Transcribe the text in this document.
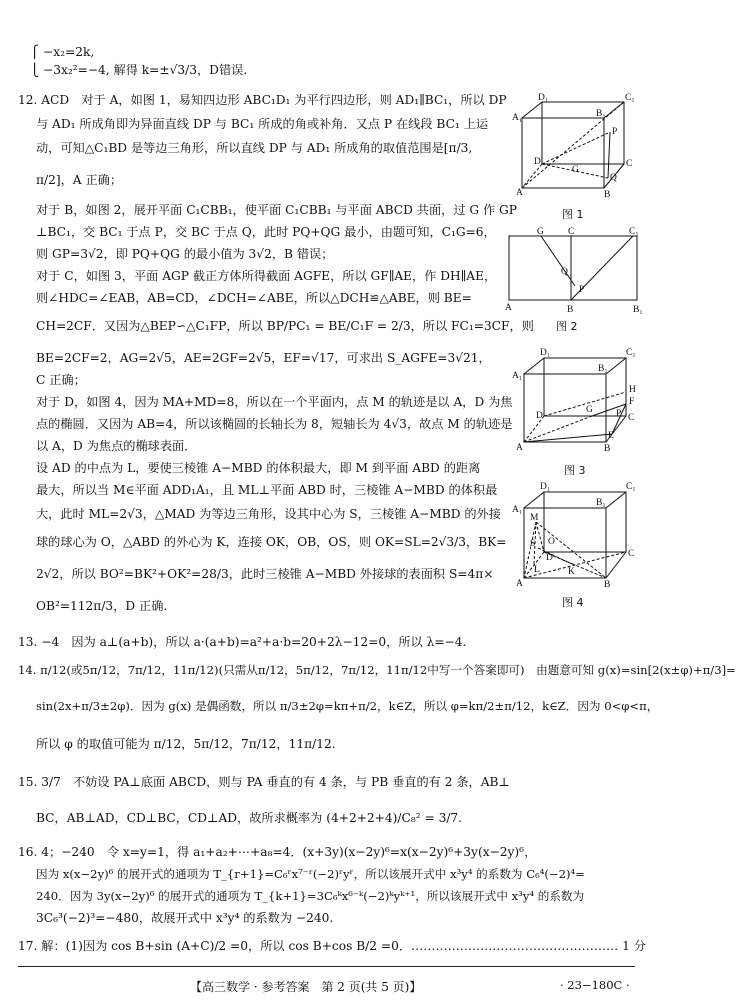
⎧ −x₂=2k,
⎩ −3x₂²=−4, 解得 k=±√3/3，D错误.
12. ACD　对于 A，如图 1，易知四边形 ABC₁D₁ 为平行四边形，则 AD₁∥BC₁，所以 DP
与 AD₁ 所成角即为异面直线 DP 与 BC₁ 所成的角或补角．又点 P 在线段 BC₁ 上运
动，可知△C₁BD 是等边三角形，所以直线 DP 与 AD₁ 所成角的取值范围是[π/3,
π/2]，A 正确；
对于 B，如图 2，展开平面 C₁CBB₁，使平面 C₁CBB₁ 与平面 ABCD 共面，过 G 作 GP
⊥BC₁，交 BC₁ 于点 P，交 BC 于点 Q，此时 PQ+QG 最小，由题可知，C₁G=6，
则 GP=3√2，即 PQ+QG 的最小值为 3√2，B 错误；
对于 C，如图 3，平面 AGP 截正方体所得截面 AGFE，所以 GF∥AE，作 DH∥AE，
则∠HDC=∠EAB，AB=CD，∠DCH=∠ABE，所以△DCH≌△ABE，则 BE=
CH=2CF．又因为△BEP∽△C₁FP，所以 BP/PC₁ = BE/C₁F = 2/3，所以 FC₁=3CF，则
BE=2CF=2，AG=2√5，AE=2GF=2√5，EF=√17，可求出 S_AGFE=3√21，
C 正确；
对于 D，如图 4，因为 MA+MD=8，所以在一个平面内，点 M 的轨迹是以 A，D 为焦
点的椭圆．又因为 AB=4，所以该椭圆的长轴长为 8，短轴长为 4√3，故点 M 的轨迹是
以 A，D 为焦点的椭球表面．
设 AD 的中点为 L，要使三棱锥 A−MBD 的体积最大，即 M 到平面 ABD 的距离
最大，所以当 M∈平面 ADD₁A₁，且 ML⊥平面 ABD 时，三棱锥 A−MBD 的体积最
大，此时 ML=2√3，△MAD 为等边三角形，设其中心为 S，三棱锥 A−MBD 的外接
球的球心为 O，△ABD 的外心为 K，连接 OK，OB，OS，则 OK=SL=2√3/3，BK=
2√2，所以 BO²=BK²+OK²=28/3，此时三棱锥 A−MBD 外接球的表面积 S=4π×
OB²=112π/3，D 正确.
13. −4　因为 a⊥(a+b)，所以 a·(a+b)=a²+a·b=20+2λ−12=0，所以 λ=−4.
14. π/12(或5π/12，7π/12，11π/12)(只需从π/12，5π/12，7π/12，11π/12中写一个答案即可)　由题意可知 g(x)=sin[2(x±φ)+π/3]=
sin(2x+π/3±2φ)．因为 g(x) 是偶函数，所以 π/3±2φ=kπ+π/2，k∈Z，所以 φ=kπ/2±π/12，k∈Z．因为 0<φ<π，
所以 φ 的取值可能为 π/12，5π/12，7π/12，11π/12.
15. 3/7　不妨设 PA⊥底面 ABCD，则与 PA 垂直的有 4 条，与 PB 垂直的有 2 条，AB⊥
BC，AB⊥AD，CD⊥BC，CD⊥AD，故所求概率为 (4+2+2+4)/C₈² = 3/7.
16. 4；−240　令 x=y=1，得 a₁+a₂+⋯+a₈=4．(x+3y)(x−2y)⁶=x(x−2y)⁶+3y(x−2y)⁶，
因为 x(x−2y)⁶ 的展开式的通项为 T_{r+1}=C₆ʳx⁷⁻ʳ(−2)ʳyʳ，所以该展开式中 x³y⁴ 的系数为 C₆⁴(−2)⁴=
240．因为 3y(x−2y)⁶ 的展开式的通项为 T_{k+1}=3C₆ᵏx⁶⁻ᵏ(−2)ᵏyᵏ⁺¹，所以该展开式中 x³y⁴ 的系数为
3C₆³(−2)³=−480，故展开式中 x³y⁴ 的系数为 −240.
17. 解：(1)因为 cos B+sin (A+C)/2 =0，所以 cos B+cos B/2 =0．…………………………………………… 1 分
D₁	C₁
A₁	B₁
P
D
G
C
Q
A	B
图 1
G	C	C₁
Q
P
A	B	B₁
图 2
D₁	C₁
A₁
B₁
H
F
G
D	P C
A
E
B
图 3
D₁	C₁
A₁
B₁
M
S O
D
L	K
C
A	B
图 4
【高三数学 · 参考答案　第 2 页(共 5 页)】	· 23−180C ·
